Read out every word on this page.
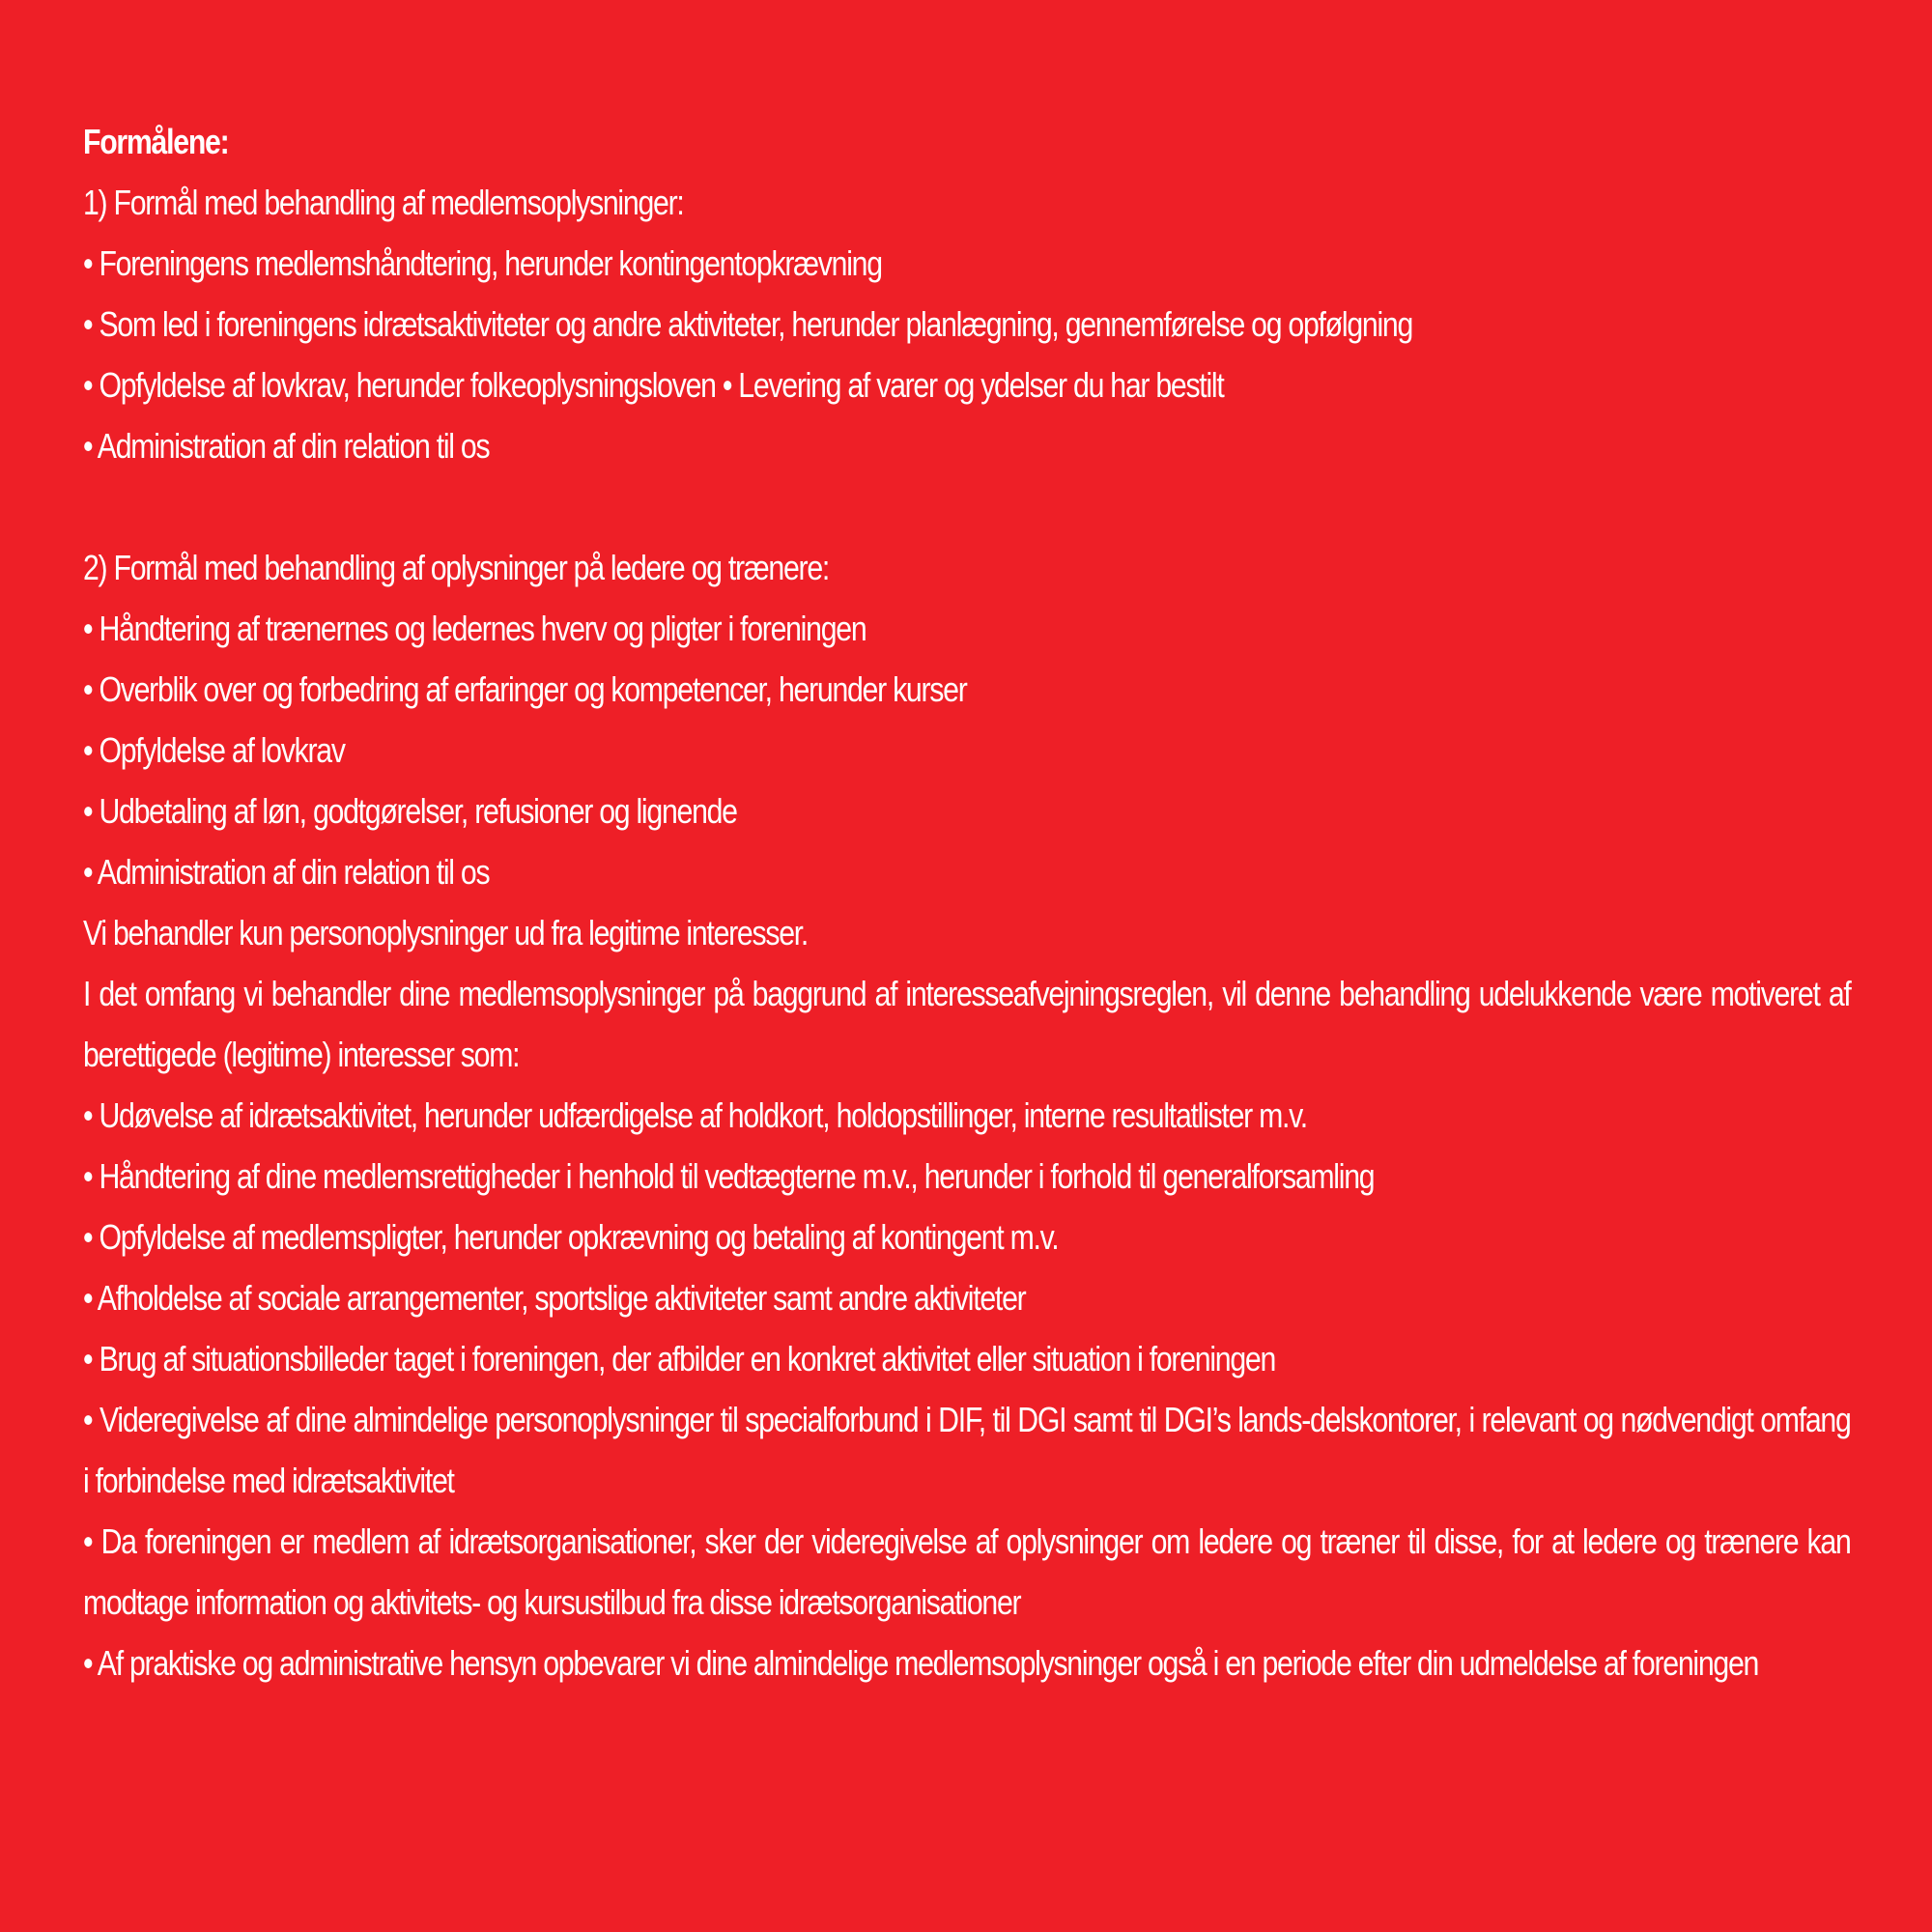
Formålene:

1) Formål med behandling af medlemsoplysninger:

• Foreningens medlemshåndtering, herunder kontingentopkrævning

• Som led i foreningens idrætsaktiviteter og andre aktiviteter, herunder planlægning, gennemførelse og opfølgning

• Opfyldelse af lovkrav, herunder folkeoplysningsloven • Levering af varer og ydelser du har bestilt

• Administration af din relation til os

2) Formål med behandling af oplysninger på ledere og trænere:

• Håndtering af trænernes og ledernes hverv og pligter i foreningen

• Overblik over og forbedring af erfaringer og kompetencer, herunder kurser

• Opfyldelse af lovkrav

• Udbetaling af løn, godtgørelser, refusioner og lignende

• Administration af din relation til os

Vi behandler kun personoplysninger ud fra legitime interesser.

I det omfang vi behandler dine medlemsoplysninger på baggrund af interesseafvejningsreglen, vil denne behandling udelukkende være motiveret af berettigede (legitime) interesser som:

• Udøvelse af idrætsaktivitet, herunder udfærdigelse af holdkort, holdopstillinger, interne resultatlister m.v.

• Håndtering af dine medlemsrettigheder i henhold til vedtægterne m.v., herunder i forhold til generalforsamling

• Opfyldelse af medlemspligter, herunder opkrævning og betaling af kontingent m.v.

• Afholdelse af sociale arrangementer, sportslige aktiviteter samt andre aktiviteter

• Brug af situationsbilleder taget i foreningen, der afbilder en konkret aktivitet eller situation i foreningen

• Videregivelse af dine almindelige personoplysninger til specialforbund i DIF, til DGI samt til DGI’s lands-delskontorer, i relevant og nødvendigt omfang i forbindelse med idrætsaktivitet

• Da foreningen er medlem af idrætsorganisationer, sker der videregivelse af oplysninger om ledere og træner til disse, for at ledere og trænere kan modtage information og aktivitets- og kursustilbud fra disse idrætsorganisationer

• Af praktiske og administrative hensyn opbevarer vi dine almindelige medlemsoplysninger også i en periode efter din udmeldelse af foreningen
